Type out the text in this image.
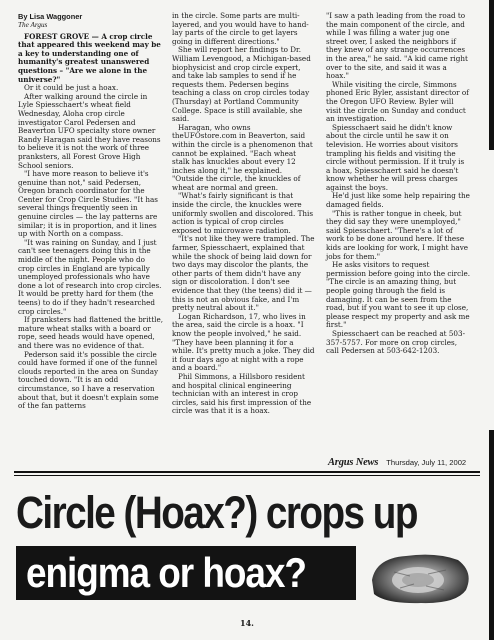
By Lisa Waggoner
The Argus

FOREST GROVE — A crop circle that appeared this weekend may be a key to understanding one of humanity's greatest unanswered questions – "Are we alone in the universe?"

Or it could be just a hoax.

After walking around the circle in Lyle Spiesschaert's wheat field Wednesday, Aloha crop circle investigator Carol Pedersen and Beaverton UFO specialty store owner Randy Haragan said they have reasons to believe it is not the work of three pranksters, all Forest Grove High School seniors.

"I have more reason to believe it's genuine than not," said Pedersen, Oregon branch coordinator for the Center for Crop Circle Studies. "It has several things frequently seen in genuine circles — the lay patterns are similar; it is in proportion, and it lines up with North on a compass.

"It was raining on Sunday, and I just can't see teenagers doing this in the middle of the night. People who do crop circles in England are typically unemployed professionals who have done a lot of research into crop circles. It would be pretty hard for them (the teens) to do if they hadn't researched crop circles."

If pranksters had flattened the brittle, mature wheat stalks with a board or rope, seed heads would have opened, and there was no evidence of that.

Pederson said it's possible the circle could have formed if one of the funnel clouds reported in the area on Sunday touched down. "It is an odd circumstance, so I have a reservation about that, but it doesn't explain some of the fan patterns

in the circle. Some parts are multi-layered, and you would have to hand-lay parts of the circle to get layers going in different directions."

She will report her findings to Dr. William Levengood, a Michigan-based biophysicist and crop circle expert, and take lab samples to send if he requests them. Pedersen begins teaching a class on crop circles today (Thursday) at Portland Community College. Space is still available, she said.

Haragan, who owns theUFOstore.com in Beaverton, said within the circle is a phenomenon that cannot be explained. "Each wheat stalk has knuckles about every 12 inches along it," he explained. "Outside the circle, the knuckles of wheat are normal and green.

"What's fairly significant is that inside the circle, the knuckles were uniformly swollen and discolored. This action is typical of crop circles exposed to microwave radiation.

"It's not like they were trampled. The farmer, Spiesschaert, explained that while the shock of being laid down for two days may discolor the plants, the other parts of them didn't have any sign or discoloration. I don't see evidence that they (the teens) did it — this is not an obvious fake, and I'm pretty neutral about it."

Logan Richardson, 17, who lives in the area, said the circle is a hoax. "I know the people involved," he said. "They have been planning it for a while. It's pretty much a joke. They did it four days ago at night with a rope and a board."

Phil Simmons, a Hillsboro resident and hospital clinical engineering technician with an interest in crop circles, said his first impression of the circle was that it is a hoax.

"I saw a path leading from the road to the main component of the circle, and while I was filling a water jug one street over, I asked the neighbors if they knew of any strange occurrences in the area," he said. "A kid came right over to the site, and said it was a hoax."

While visiting the circle, Simmons phoned Eric Byler, assistant director of the Oregon UFO Review. Byler will visit the circle on Sunday and conduct an investigation.

Spiesschaert said he didn't know about the circle until he saw it on television. He worries about visitors trampling his fields and visiting the circle without permission. If it truly is a hoax, Spiesschaert said he doesn't know whether he will press charges against the boys.

He'd just like some help repairing the damaged fields.

"This is rather tongue in cheek, but they did say they were unemployed," said Spiesschaert. "There's a lot of work to be done around here. If these kids are looking for work, I might have jobs for them."

He asks visitors to request permission before going into the circle. "The circle is an amazing thing, but people going through the field is damaging. It can be seen from the road, but if you want to see it up close, please respect my property and ask me first."

Spiesschaert can be reached at 503-357-5757. For more on crop circles, call Pedersen at 503-642-1203.

Argus News Thursday, July 11, 2002
Circle (Hoax?) crops up
enigma or hoax?
14.
